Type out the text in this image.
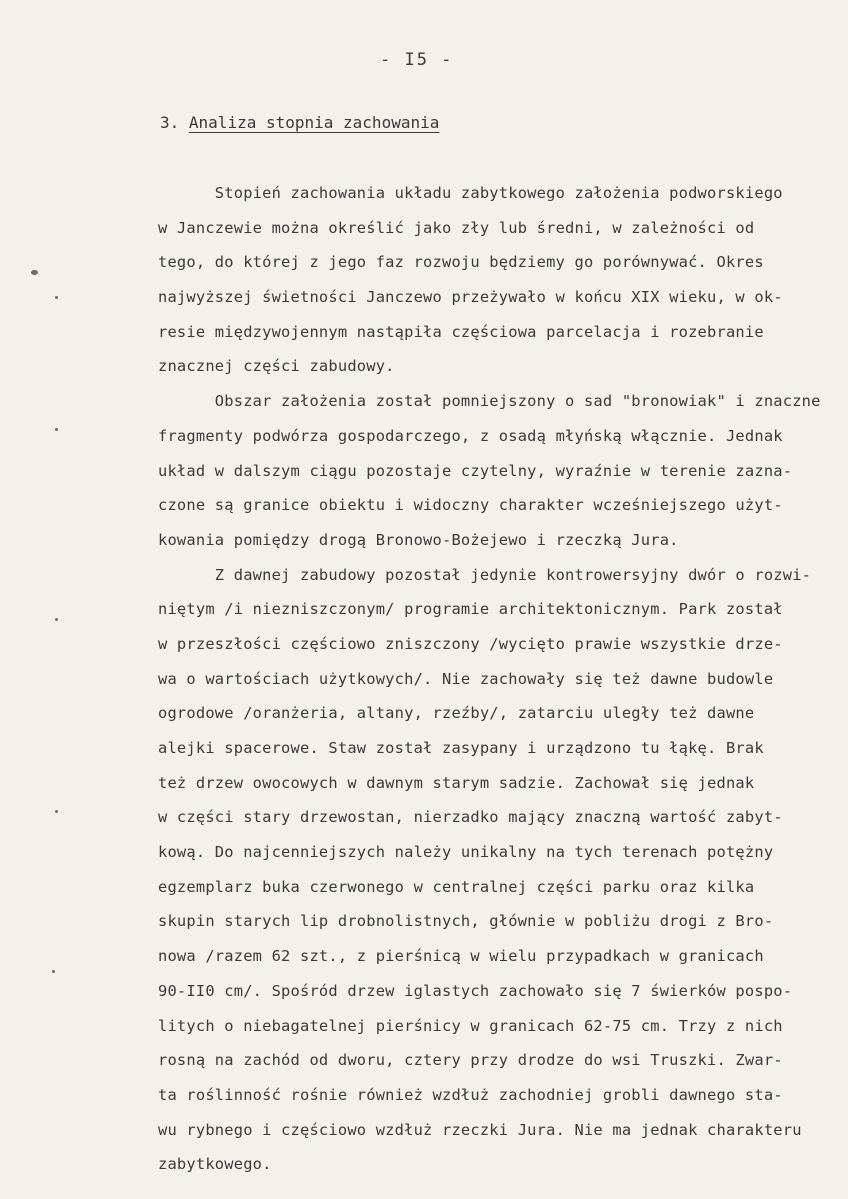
- I5 -
3. Analiza stopnia zachowania
Stopień zachowania układu zabytkowego założenia podworskiego
w Janczewie można określić jako zły lub średni, w zależności od
tego, do której z jego faz rozwoju będziemy go porównywać. Okres
najwyższej świetności Janczewo przeżywało w końcu XIX wieku, w ok-
resie międzywojennym nastąpiła częściowa parcelacja i rozebranie
znacznej części zabudowy.
Obszar założenia został pomniejszony o sad "bronowiak" i znaczne
fragmenty podwórza gospodarczego, z osadą młyńską włącznie. Jednak
układ w dalszym ciągu pozostaje czytelny, wyraźnie w terenie zazna-
czone są granice obiektu i widoczny charakter wcześniejszego użyt-
kowania pomiędzy drogą Bronowo-Bożejewo i rzeczką Jura.
Z dawnej zabudowy pozostał jedynie kontrowersyjny dwór o rozwi-
niętym /i niezniszczonym/ programie architektonicznym. Park został
w przeszłości częściowo zniszczony /wycięto prawie wszystkie drze-
wa o wartościach użytkowych/. Nie zachowały się też dawne budowle
ogrodowe /oranżeria, altany, rzeźby/, zatarciu uległy też dawne
alejki spacerowe. Staw został zasypany i urządzono tu łąkę. Brak
też drzew owocowych w dawnym starym sadzie. Zachował się jednak
w części stary drzewostan, nierzadko mający znaczną wartość zabyt-
kową. Do najcenniejszych należy unikalny na tych terenach potężny
egzemplarz buka czerwonego w centralnej części parku oraz kilka
skupin starych lip drobnolistnych, głównie w pobliżu drogi z Bro-
nowa /razem 62 szt., z pierśnicą w wielu przypadkach w granicach
90-II0 cm/. Spośród drzew iglastych zachowało się 7 świerków pospo-
litych o niebagatelnej pierśnicy w granicach 62-75 cm. Trzy z nich
rosną na zachód od dworu, cztery przy drodze do wsi Truszki. Zwar-
ta roślinność rośnie również wzdłuż zachodniej grobli dawnego sta-
wu rybnego i częściowo wzdłuż rzeczki Jura. Nie ma jednak charakteru
zabytkowego.
